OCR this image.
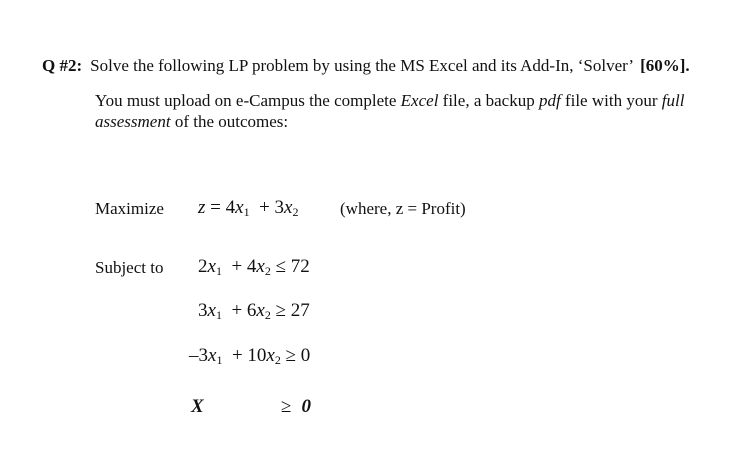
Q #2: Solve the following LP problem by using the MS Excel and its Add-In, ‘Solver’ [60%].
You must upload on e-Campus the complete Excel file, a backup pdf file with your full
assessment of the outcomes:
Maximize $z = 4x_1 + 3x_2$ (where, z = Profit)
Subject to $2x_1 + 4x_2 \le 72$
$3x_1 + 6x_2 \ge 27$
$-3x_1 + 10x_2 \ge 0$
X	≥ 0
